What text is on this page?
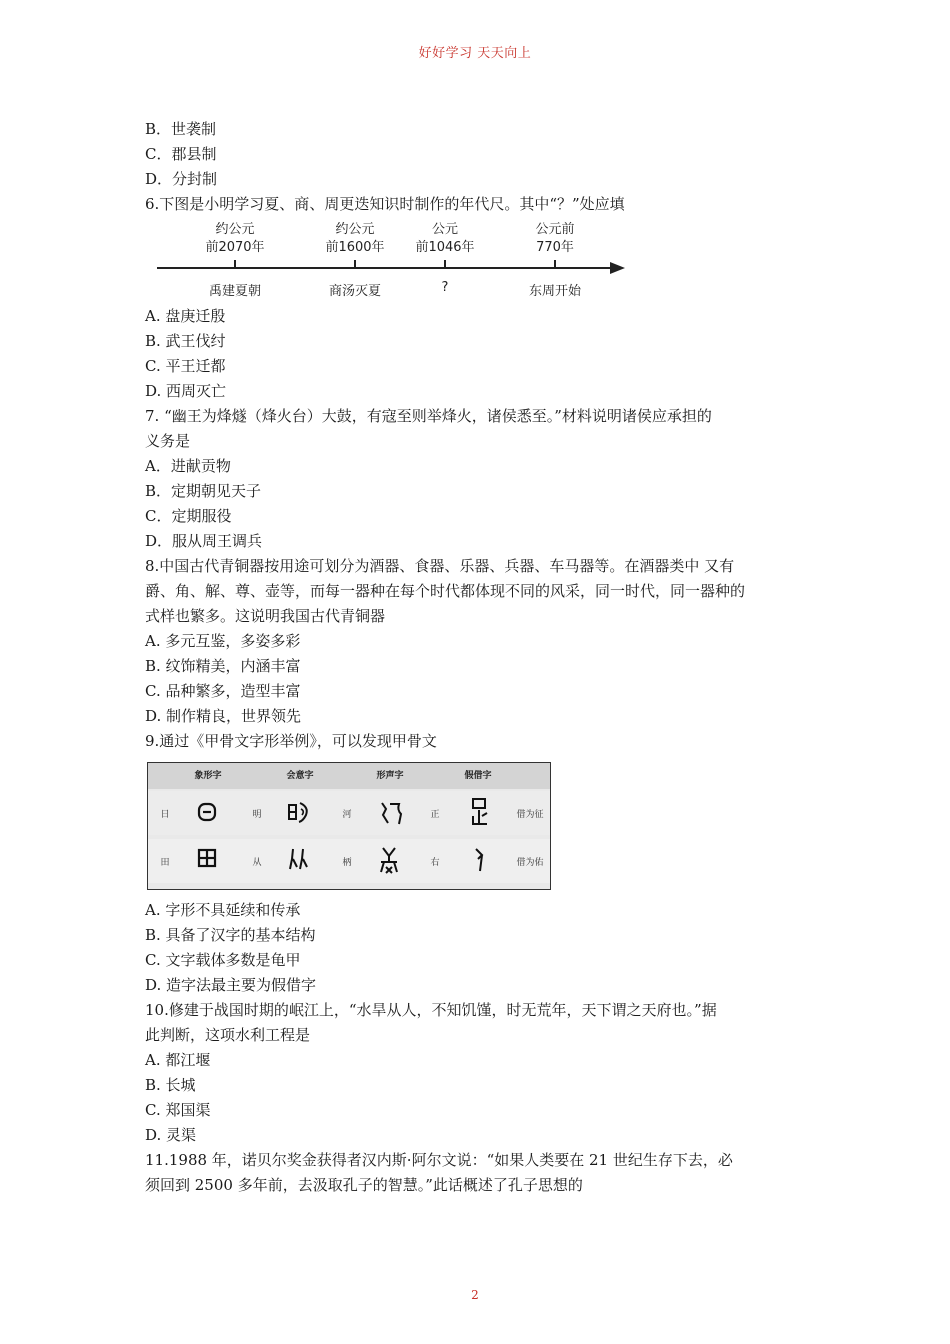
好好学习 天天向上
B．世袭制
C．郡县制
D．分封制
6.下图是小明学习夏、商、周更迭知识时制作的年代尺。其中“？”处应填
约公元
前2070年
约公元
前1600年
公元
前1046年
公元前
770年
禹建夏朝	商汤灭夏	?	东周开始
A. 盘庚迁殷
B. 武王伐纣
C. 平王迁都
D. 西周灭亡
7. “幽王为烽燧（烽火台）大鼓，有寇至则举烽火，诸侯悉至。”材料说明诸侯应承担的
义务是
A．进献贡物
B．定期朝见天子
C．定期服役
D．服从周王调兵
8.中国古代青铜器按用途可划分为酒器、食器、乐器、兵器、车马器等。在酒器类中 又有
爵、角、解、尊、壶等，而每一器种在每个时代都体现不同的风采，同一时代，同一器种的
式样也繁多。这说明我国古代青铜器
A. 多元互鉴，多姿多彩
B. 纹饰精美，内涵丰富
C. 品种繁多，造型丰富
D. 制作精良，世界领先
9.通过《甲骨文字形举例》，可以发现甲骨文
象形字	会意字	形声字	假借字
日	明	河	正	借为征
田	从	柄	右	借为佑
A. 字形不具延续和传承
B. 具备了汉字的基本结构
C. 文字载体多数是龟甲
D. 造字法最主要为假借字
10.修建于战国时期的岷江上，“水旱从人，不知饥馑，时无荒年，天下谓之天府也。”据
此判断，这项水利工程是
A. 都江堰
B. 长城
C. 郑国渠
D. 灵渠
11.1988 年，诺贝尔奖金获得者汉内斯·阿尔文说：“如果人类要在 21 世纪生存下去，必
须回到 2500 多年前，去汲取孔子的智慧。”此话概述了孔子思想的
2
